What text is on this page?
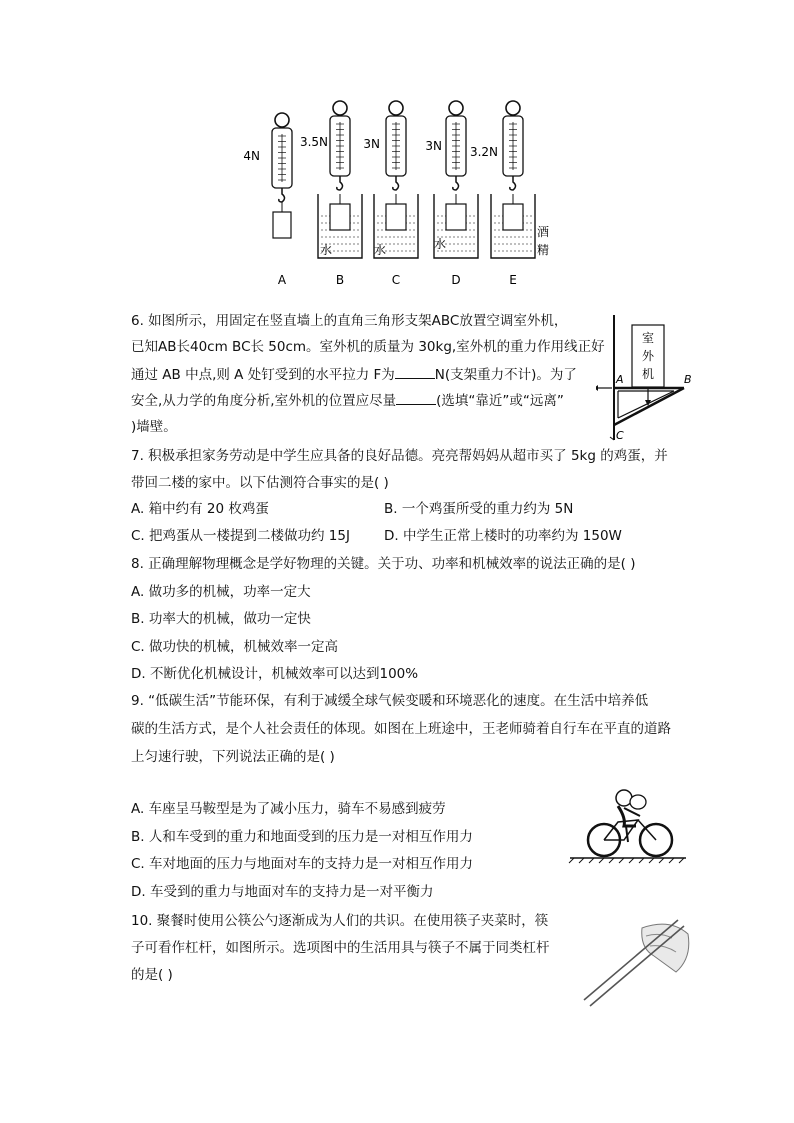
4N
A
3.5N
B
3N
C
3N
D
3.2N
E
水	水	水
酒
精
6. 如图所示，用固定在竖直墙上的直角三角形支架ABC放置空调室外机，
已知AB长40cm BC长 50cm。室外机的质量为 30kg,室外机的重力作用线正好
通过 AB 中点,则 A 处钉受到的水平拉力 F为	N(支架重力不计)。为了
安全,从力学的角度分析,室外机的位置应尽量	(选填“靠近”或“远离”
)墙壁。
室
外
机
A	B
C
7. 积极承担家务劳动是中学生应具备的良好品德。亮亮帮妈妈从超市买了 5kg 的鸡蛋，并
带回二楼的家中。以下估测符合事实的是( )
A. 箱中约有 20 枚鸡蛋	B. 一个鸡蛋所受的重力约为 5N
C. 把鸡蛋从一楼提到二楼做功约 15J	D. 中学生正常上楼时的功率约为 150W
8. 正确理解物理概念是学好物理的关键。关于功、功率和机械效率的说法正确的是( )
A. 做功多的机械，功率一定大
B. 功率大的机械，做功一定快
C. 做功快的机械，机械效率一定高
D. 不断优化机械设计，机械效率可以达到100%
9. “低碳生活”节能环保，有利于减缓全球气候变暖和环境恶化的速度。在生活中培养低
碳的生活方式，是个人社会责任的体现。如图在上班途中，王老师骑着自行车在平直的道路
上匀速行驶，下列说法正确的是( )
A. 车座呈马鞍型是为了减小压力，骑车不易感到疲劳
B. 人和车受到的重力和地面受到的压力是一对相互作用力
C. 车对地面的压力与地面对车的支持力是一对相互作用力
D. 车受到的重力与地面对车的支持力是一对平衡力
10. 聚餐时使用公筷公勺逐渐成为人们的共识。在使用筷子夹菜时，筷
子可看作杠杆，如图所示。选项图中的生活用具与筷子不属于同类杠杆
的是( )
